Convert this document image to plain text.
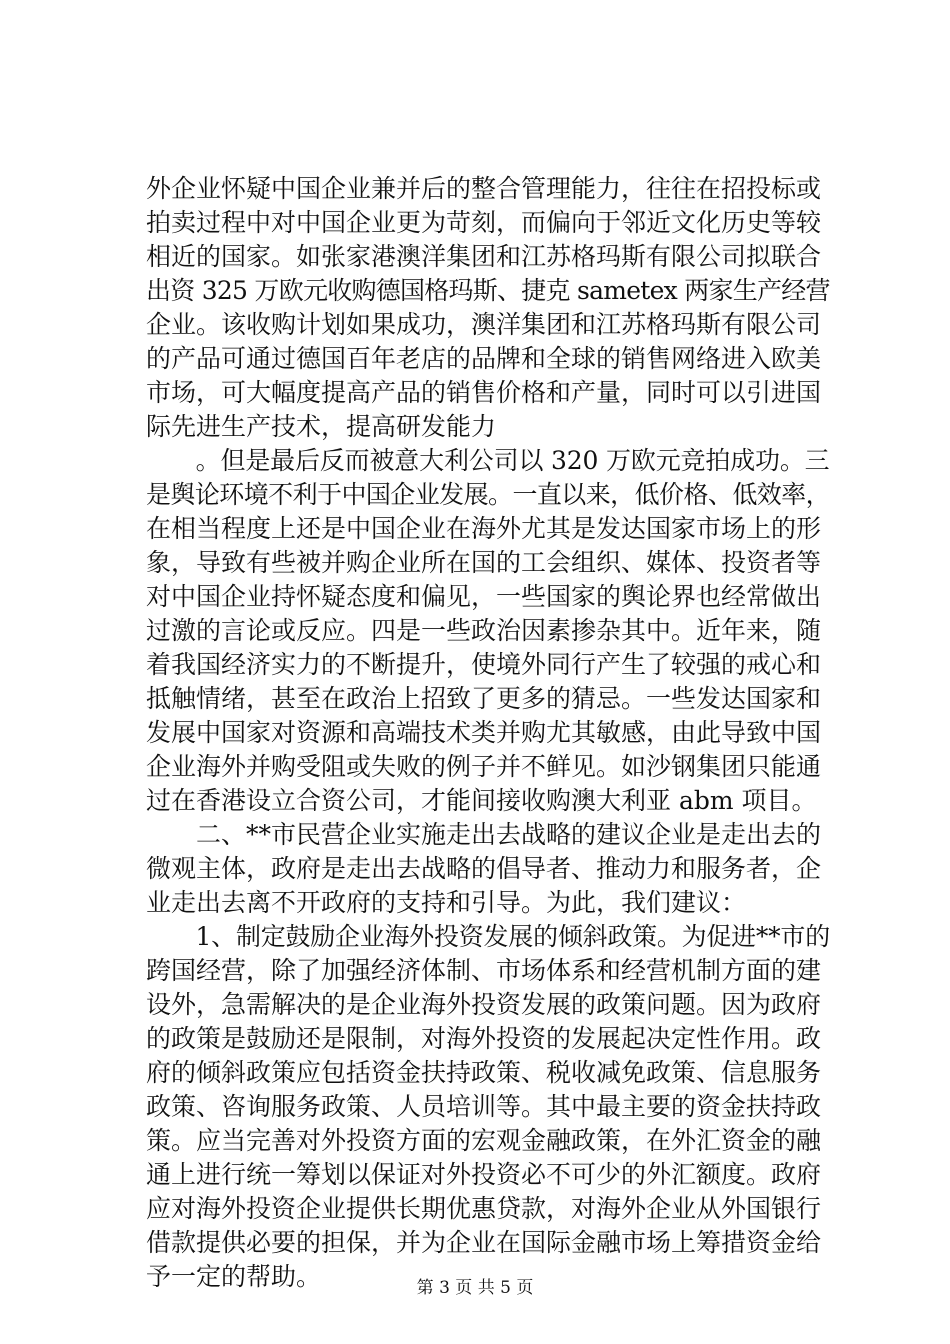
外企业怀疑中国企业兼并后的整合管理能力，往往在招投标或
拍卖过程中对中国企业更为苛刻，而偏向于邻近文化历史等较
相近的国家。如张家港澳洋集团和江苏格玛斯有限公司拟联合
出资 325 万欧元收购德国格玛斯、捷克 sametex 两家生产经营
企业。该收购计划如果成功，澳洋集团和江苏格玛斯有限公司
的产品可通过德国百年老店的品牌和全球的销售网络进入欧美
市场，可大幅度提高产品的销售价格和产量，同时可以引进国
际先进生产技术，提高研发能力
　　。但是最后反而被意大利公司以 320 万欧元竞拍成功。三
是舆论环境不利于中国企业发展。一直以来，低价格、低效率，
在相当程度上还是中国企业在海外尤其是发达国家市场上的形
象，导致有些被并购企业所在国的工会组织、媒体、投资者等
对中国企业持怀疑态度和偏见，一些国家的舆论界也经常做出
过激的言论或反应。四是一些政治因素掺杂其中。近年来，随
着我国经济实力的不断提升，使境外同行产生了较强的戒心和
抵触情绪，甚至在政治上招致了更多的猜忌。一些发达国家和
发展中国家对资源和高端技术类并购尤其敏感，由此导致中国
企业海外并购受阻或失败的例子并不鲜见。如沙钢集团只能通
过在香港设立合资公司，才能间接收购澳大利亚 abm 项目。
　　二、**市民营企业实施走出去战略的建议企业是走出去的
微观主体，政府是走出去战略的倡导者、推动力和服务者，企
业走出去离不开政府的支持和引导。为此，我们建议：
　　1、制定鼓励企业海外投资发展的倾斜政策。为促进**市的
跨国经营，除了加强经济体制、市场体系和经营机制方面的建
设外，急需解决的是企业海外投资发展的政策问题。因为政府
的政策是鼓励还是限制，对海外投资的发展起决定性作用。政
府的倾斜政策应包括资金扶持政策、税收减免政策、信息服务
政策、咨询服务政策、人员培训等。其中最主要的资金扶持政
策。应当完善对外投资方面的宏观金融政策，在外汇资金的融
通上进行统一筹划以保证对外投资必不可少的外汇额度。政府
应对海外投资企业提供长期优惠贷款，对海外企业从外国银行
借款提供必要的担保，并为企业在国际金融市场上筹措资金给
予一定的帮助。	第 3 页 共 5 页
